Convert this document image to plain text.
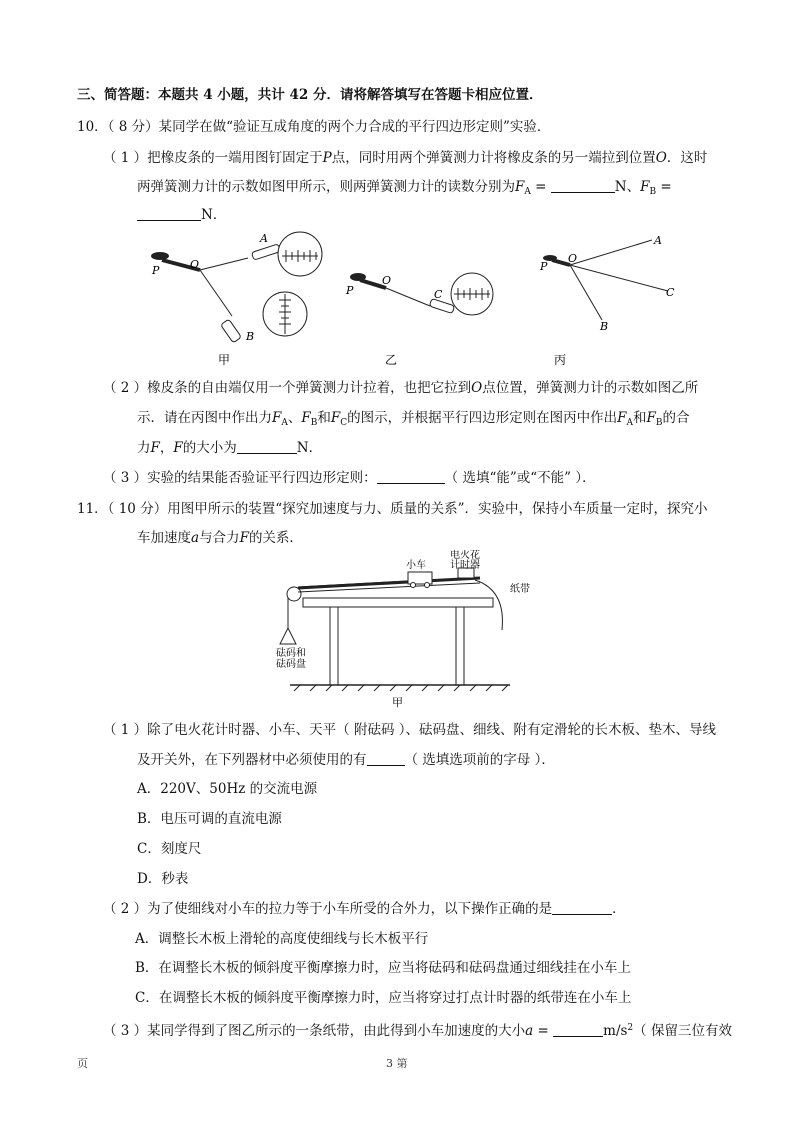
三、简答题：本题共 4 小题，共计 42 分．请将解答填写在答题卡相应位置．
10．（ 8 分）某同学在做“验证互成角度的两个力合成的平行四边形定则”实验．
（ 1 ）把橡皮条的一端用图钉固定于P点，同时用两个弹簧测力计将橡皮条的另一端拉到位置O．这时
两弹簧测力计的示数如图甲所示，则两弹簧测力计的读数分别为$F_A$ =	N、$F_B$ =
N．
P	O
A
B
甲
P
O
C
乙
P
O
A
C
B
丙
（ 2 ）橡皮条的自由端仅用一个弹簧测力计拉着，也把它拉到O点位置，弹簧测力计的示数如图乙所
示．请在丙图中作出力$F_A$、$F_B$和$F_C$的图示，并根据平行四边形定则在图丙中作出$F_A$和$F_B$的合
力F，F的大小为	N．
（ 3 ）实验的结果能否验证平行四边形定则：	（ 选填“能”或“不能” ）．
11．（ 10 分）用图甲所示的装置“探究加速度与力、质量的关系”．实验中，保持小车质量一定时，探究小
车加速度a与合力F的关系．
小车
电火花
计时器
纸带
砝码和
砝码盘
甲
（ 1 ）除了电火花计时器、小车、天平（ 附砝码 ）、砝码盘、细线、附有定滑轮的长木板、垫木、导线
及开关外，在下列器材中必须使用的有	（ 选填选项前的字母 ）．
A．220V、50Hz 的交流电源
B．电压可调的直流电源
C．刻度尺
D．秒表
（ 2 ）为了使细线对小车的拉力等于小车所受的合外力，以下操作正确的是	．
A．调整长木板上滑轮的高度使细线与长木板平行
B．在调整长木板的倾斜度平衡摩擦力时，应当将砝码和砝码盘通过细线挂在小车上
C．在调整长木板的倾斜度平衡摩擦力时，应当将穿过打点计时器的纸带连在小车上
（ 3 ）某同学得到了图乙所示的一条纸带，由此得到小车加速度的大小a =	$m/s^2$（ 保留三位有效
页	3 第
